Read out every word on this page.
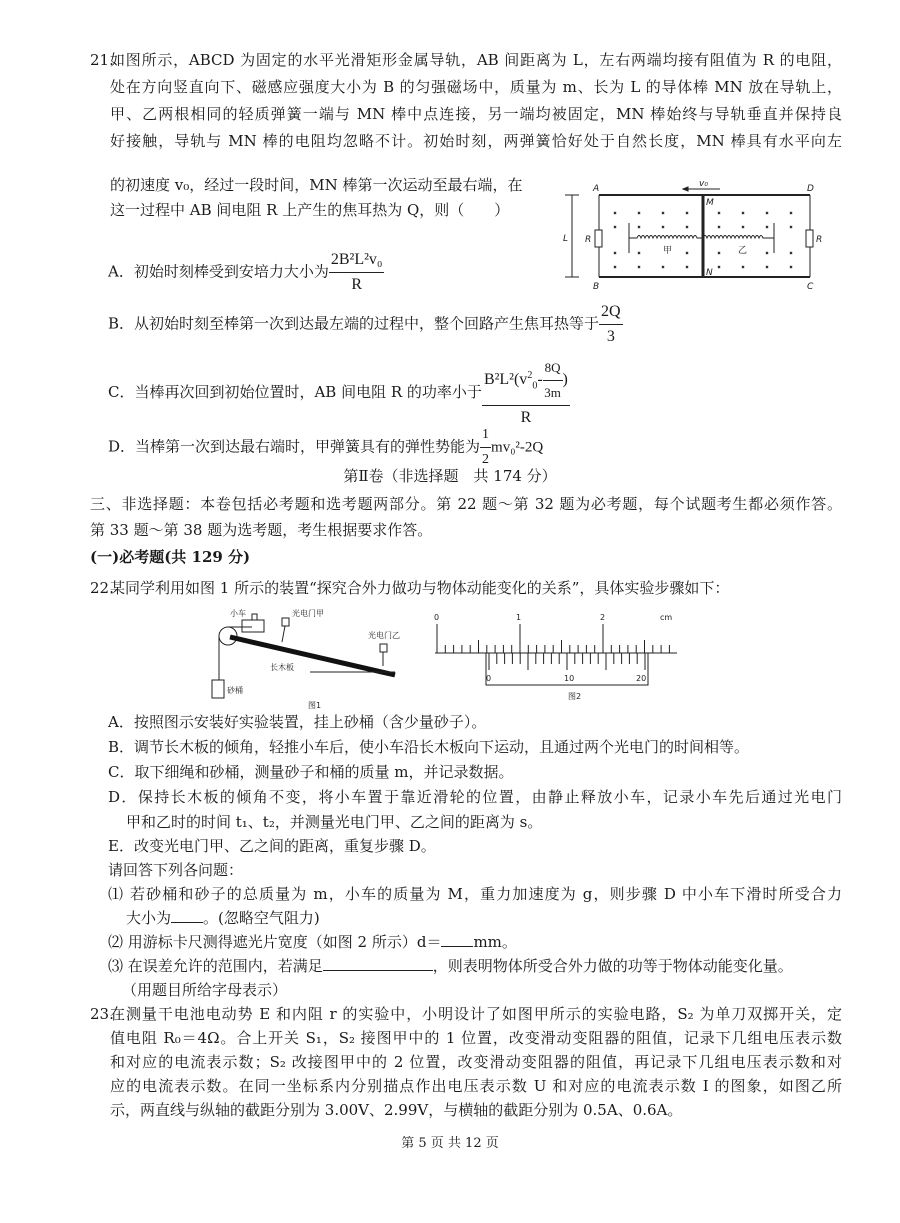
21.
如图所示，ABCD 为固定的水平光滑矩形金属导轨，AB 间距离为 L，左右两端均接有阻值为 R 的电阻，
处在方向竖直向下、磁感应强度大小为 B 的匀强磁场中，质量为 m、长为 L 的导体棒 MN 放在导轨上，
甲、乙两根相同的轻质弹簧一端与 MN 棒中点连接，另一端均被固定，MN 棒始终与导轨垂直并保持良
好接触，导轨与 MN 棒的电阻均忽略不计。初始时刻，两弹簧恰好处于自然长度，MN 棒具有水平向左
的初速度 v₀，经过一段时间，MN 棒第一次运动至最右端，在
这一过程中 AB 间电阻 R 上产生的焦耳热为 Q，则（　　）
A
B	C
D
M
N
L R	R
v₀
甲	乙
A．初始时刻棒受到安培力大小为 $\frac{\text{2B²L²v₀}}{R}$
B．从初始时刻至棒第一次到达最左端的过程中，整个回路产生焦耳热等于 $\frac{2Q}{3}$
C．当棒再次回到初始位置时，AB 间电阻 R 的功率小于 $\frac{B^2L^2(v^2_0- \frac{8Q}{3m} )}{R}$
D．当棒第一次到达最右端时，甲弹簧具有的弹性势能为 $\frac{1}{2} mv_0^2-2Q$
第Ⅱ卷（非选择题　共 174 分）
三、非选择题：本卷包括必考题和选考题两部分。第 22 题～第 32 题为必考题，每个试题考生都必须作答。
第 33 题～第 38 题为选考题，考生根据要求作答。
(一)必考题(共 129 分)
22.
某同学利用如图 1 所示的装置“探究合外力做功与物体动能变化的关系”，具体实验步骤如下：
小车	光电门甲
光电门乙
长木板
砂桶
图1
0	1	2	cm
0	10	20
图2
A．按照图示安装好实验装置，挂上砂桶（含少量砂子）。
B．调节长木板的倾角，轻推小车后，使小车沿长木板向下运动，且通过两个光电门的时间相等。
C．取下细绳和砂桶，测量砂子和桶的质量 m，并记录数据。
D．保持长木板的倾角不变，将小车置于靠近滑轮的位置，由静止释放小车，记录小车先后通过光电门
甲和乙时的时间 t₁、t₂，并测量光电门甲、乙之间的距离为 s。
E．改变光电门甲、乙之间的距离，重复步骤 D。
请回答下列各问题：
⑴ 若砂桶和砂子的总质量为 m，小车的质量为 M，重力加速度为 g，则步骤 D 中小车下滑时所受合力
大小为 。(忽略空气阻力)
⑵ 用游标卡尺测得遮光片宽度（如图 2 所示）d＝ mm。
⑶ 在误差允许的范围内，若满足	，则表明物体所受合外力做的功等于物体动能变化量。
（用题目所给字母表示）
23.
在测量干电池电动势 E 和内阻 r 的实验中，小明设计了如图甲所示的实验电路，S₂ 为单刀双掷开关，定
值电阻 R₀＝4Ω。合上开关 S₁，S₂ 接图甲中的 1 位置，改变滑动变阻器的阻值，记录下几组电压表示数
和对应的电流表示数；S₂ 改接图甲中的 2 位置，改变滑动变阻器的阻值，再记录下几组电压表示数和对
应的电流表示数。在同一坐标系内分别描点作出电压表示数 U 和对应的电流表示数 I 的图象，如图乙所
示，两直线与纵轴的截距分别为 3.00V、2.99V，与横轴的截距分别为 0.5A、0.6A。
第 5 页 共 12 页
